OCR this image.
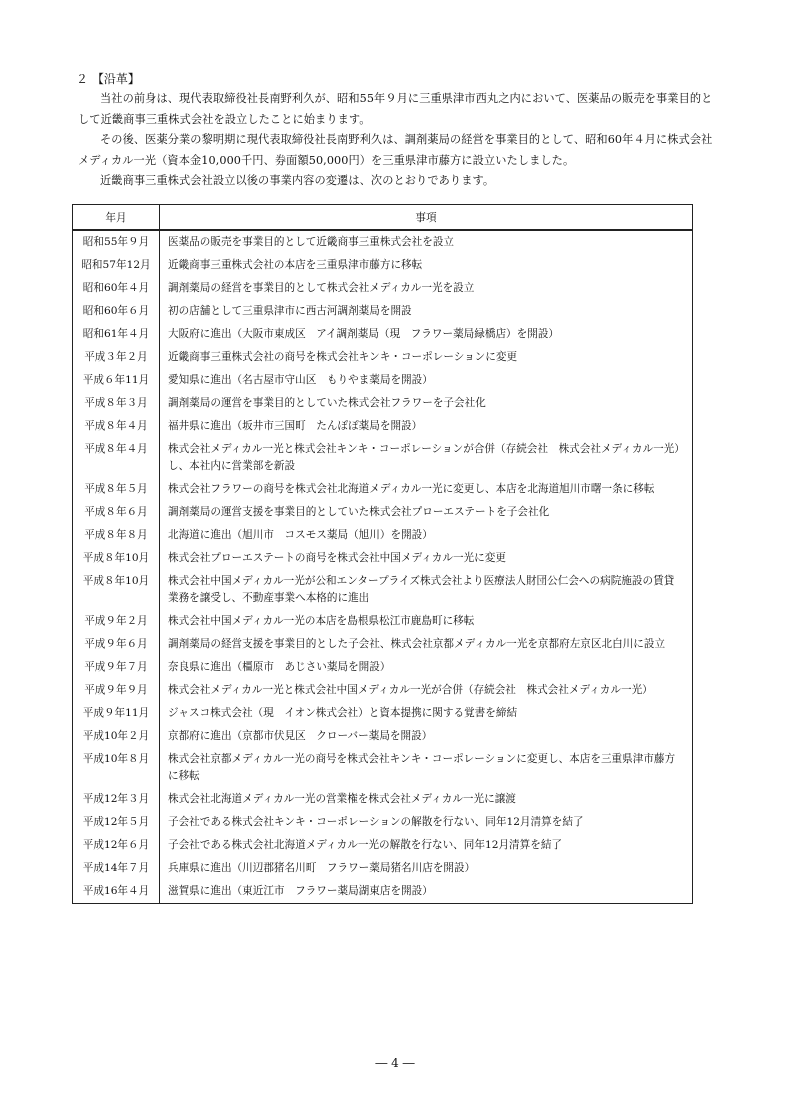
２ 【沿革】
当社の前身は、現代表取締役社長南野利久が、昭和55年９月に三重県津市西丸之内において、医薬品の販売を事業目的として近畿商事三重株式会社を設立したことに始まります。
その後、医薬分業の黎明期に現代表取締役社長南野利久は、調剤薬局の経営を事業目的として、昭和60年４月に株式会社メディカル一光（資本金10,000千円、券面額50,000円）を三重県津市藤方に設立いたしました。
近畿商事三重株式会社設立以後の事業内容の変遷は、次のとおりであります。
年月	事項
昭和55年９月	医薬品の販売を事業目的として近畿商事三重株式会社を設立
昭和57年12月	近畿商事三重株式会社の本店を三重県津市藤方に移転
昭和60年４月	調剤薬局の経営を事業目的として株式会社メディカル一光を設立
昭和60年６月	初の店舗として三重県津市に西古河調剤薬局を開設
昭和61年４月	大阪府に進出（大阪市東成区　アイ調剤薬局（現　フラワー薬局緑橋店）を開設）
平成３年２月	近畿商事三重株式会社の商号を株式会社キンキ・コーポレーションに変更
平成６年11月	愛知県に進出（名古屋市守山区　もりやま薬局を開設）
平成８年３月	調剤薬局の運営を事業目的としていた株式会社フラワーを子会社化
平成８年４月	福井県に進出（坂井市三国町　たんぽぽ薬局を開設）
平成８年４月	株式会社メディカル一光と株式会社キンキ・コーポレーションが合併（存続会社　株式会社メディカル一光）し、本社内に営業部を新設
平成８年５月	株式会社フラワーの商号を株式会社北海道メディカル一光に変更し、本店を北海道旭川市曙一条に移転
平成８年６月	調剤薬局の運営支援を事業目的としていた株式会社プローエステートを子会社化
平成８年８月	北海道に進出（旭川市　コスモス薬局（旭川）を開設）
平成８年10月	株式会社プローエステートの商号を株式会社中国メディカル一光に変更
平成８年10月	株式会社中国メディカル一光が公和エンタープライズ株式会社より医療法人財団公仁会への病院施設の賃貸業務を譲受し、不動産事業へ本格的に進出
平成９年２月	株式会社中国メディカル一光の本店を島根県松江市鹿島町に移転
平成９年６月	調剤薬局の経営支援を事業目的とした子会社、株式会社京都メディカル一光を京都府左京区北白川に設立
平成９年７月	奈良県に進出（橿原市　あじさい薬局を開設）
平成９年９月	株式会社メディカル一光と株式会社中国メディカル一光が合併（存続会社　株式会社メディカル一光）
平成９年11月	ジャスコ株式会社（現　イオン株式会社）と資本提携に関する覚書を締結
平成10年２月	京都府に進出（京都市伏見区　クローバー薬局を開設）
平成10年８月	株式会社京都メディカル一光の商号を株式会社キンキ・コーポレーションに変更し、本店を三重県津市藤方に移転
平成12年３月	株式会社北海道メディカル一光の営業権を株式会社メディカル一光に譲渡
平成12年５月	子会社である株式会社キンキ・コーポレーションの解散を行ない、同年12月清算を結了
平成12年６月	子会社である株式会社北海道メディカル一光の解散を行ない、同年12月清算を結了
平成14年７月	兵庫県に進出（川辺郡猪名川町　フラワー薬局猪名川店を開設）
平成16年４月	滋賀県に進出（東近江市　フラワー薬局湖東店を開設）
― 4 ―
